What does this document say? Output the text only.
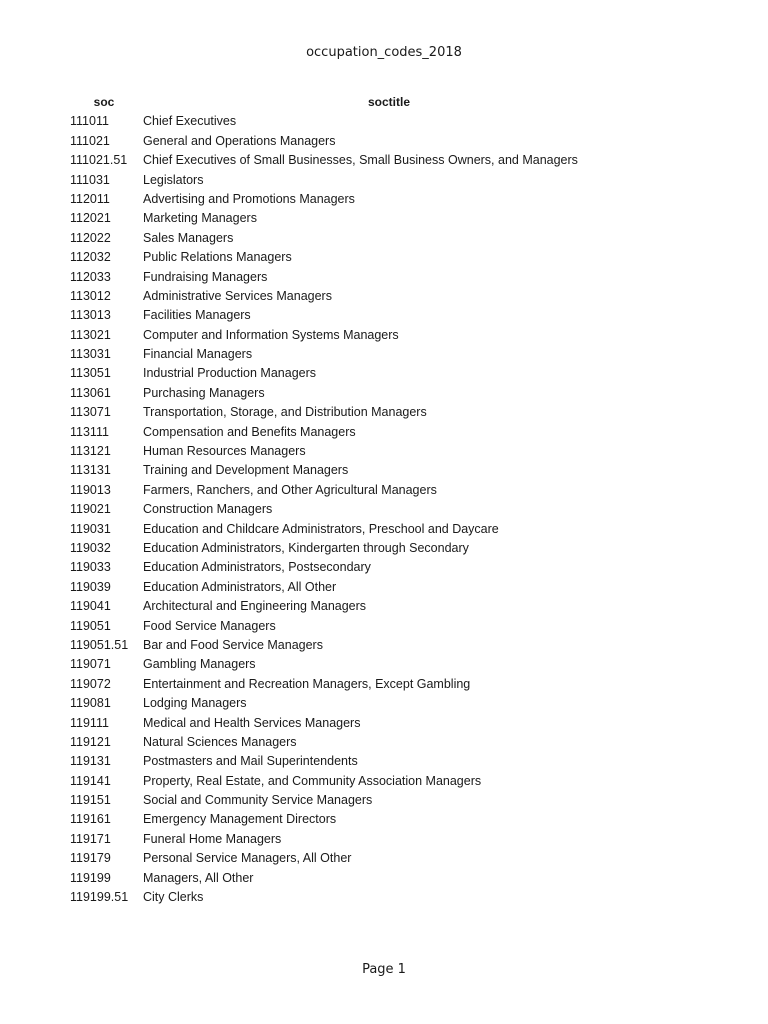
occupation_codes_2018
soc	soctitle
111011	Chief Executives
111021	General and Operations Managers
111021.51	Chief Executives of Small Businesses, Small Business Owners, and Managers
111031	Legislators
112011	Advertising and Promotions Managers
112021	Marketing Managers
112022	Sales Managers
112032	Public Relations Managers
112033	Fundraising Managers
113012	Administrative Services Managers
113013	Facilities Managers
113021	Computer and Information Systems Managers
113031	Financial Managers
113051	Industrial Production Managers
113061	Purchasing Managers
113071	Transportation, Storage, and Distribution Managers
113111	Compensation and Benefits Managers
113121	Human Resources Managers
113131	Training and Development Managers
119013	Farmers, Ranchers, and Other Agricultural Managers
119021	Construction Managers
119031	Education and Childcare Administrators, Preschool and Daycare
119032	Education Administrators, Kindergarten through Secondary
119033	Education Administrators, Postsecondary
119039	Education Administrators, All Other
119041	Architectural and Engineering Managers
119051	Food Service Managers
119051.51	Bar and Food Service Managers
119071	Gambling Managers
119072	Entertainment and Recreation Managers, Except Gambling
119081	Lodging Managers
119111	Medical and Health Services Managers
119121	Natural Sciences Managers
119131	Postmasters and Mail Superintendents
119141	Property, Real Estate, and Community Association Managers
119151	Social and Community Service Managers
119161	Emergency Management Directors
119171	Funeral Home Managers
119179	Personal Service Managers, All Other
119199	Managers, All Other
119199.51	City Clerks
Page 1
